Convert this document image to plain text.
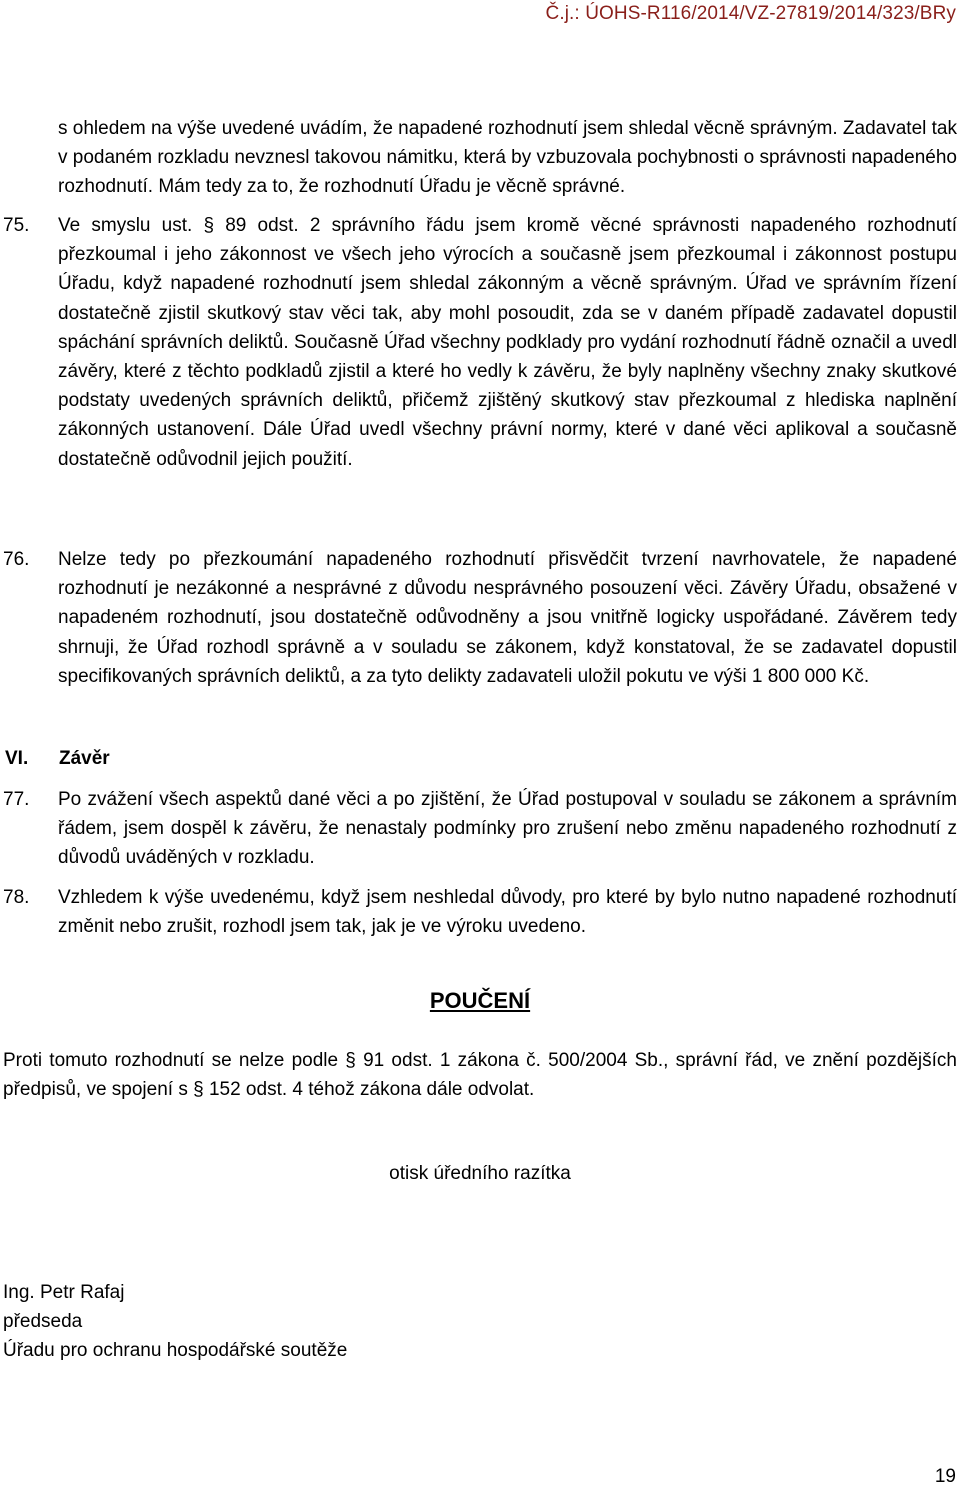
Č.j.: ÚOHS-R116/2014/VZ-27819/2014/323/BRy
s ohledem na výše uvedené uvádím, že napadené rozhodnutí jsem shledal věcně správným. Zadavatel tak v podaném rozkladu nevznesl takovou námitku, která by vzbuzovala pochybnosti o správnosti napadeného rozhodnutí. Mám tedy za to, že rozhodnutí Úřadu je věcně správné.
75. Ve smyslu ust. § 89 odst. 2 správního řádu jsem kromě věcné správnosti napadeného rozhodnutí přezkoumal i jeho zákonnost ve všech jeho výrocích a současně jsem přezkoumal i zákonnost postupu Úřadu, když napadené rozhodnutí jsem shledal zákonným a věcně správným. Úřad ve správním řízení dostatečně zjistil skutkový stav věci tak, aby mohl posoudit, zda se v daném případě zadavatel dopustil spáchání správních deliktů. Současně Úřad všechny podklady pro vydání rozhodnutí řádně označil a uvedl závěry, které z těchto podkladů zjistil a které ho vedly k závěru, že byly naplněny všechny znaky skutkové podstaty uvedených správních deliktů, přičemž zjištěný skutkový stav přezkoumal z hlediska naplnění zákonných ustanovení. Dále Úřad uvedl všechny právní normy, které v dané věci aplikoval a současně dostatečně odůvodnil jejich použití.
76. Nelze tedy po přezkoumání napadeného rozhodnutí přisvědčit tvrzení navrhovatele, že napadené rozhodnutí je nezákonné a nesprávné z důvodu nesprávného posouzení věci. Závěry Úřadu, obsažené v napadeném rozhodnutí, jsou dostatečně odůvodněny a jsou vnitřně logicky uspořádané. Závěrem tedy shrnuji, že Úřad rozhodl správně a v souladu se zákonem, když konstatoval, že se zadavatel dopustil specifikovaných správních deliktů, a za tyto delikty zadavateli uložil pokutu ve výši 1 800 000 Kč.
VI. Závěr
77. Po zvážení všech aspektů dané věci a po zjištění, že Úřad postupoval v souladu se zákonem a správním řádem, jsem dospěl k závěru, že nenastaly podmínky pro zrušení nebo změnu napadeného rozhodnutí z důvodů uváděných v rozkladu.
78. Vzhledem k výše uvedenému, když jsem neshledal důvody, pro které by bylo nutno napadené rozhodnutí změnit nebo zrušit, rozhodl jsem tak, jak je ve výroku uvedeno.
POUČENÍ
Proti tomuto rozhodnutí se nelze podle § 91 odst. 1 zákona č. 500/2004 Sb., správní řád, ve znění pozdějších předpisů, ve spojení s § 152 odst. 4 téhož zákona dále odvolat.
otisk úředního razítka
Ing. Petr Rafaj
předseda
Úřadu pro ochranu hospodářské soutěže
19
